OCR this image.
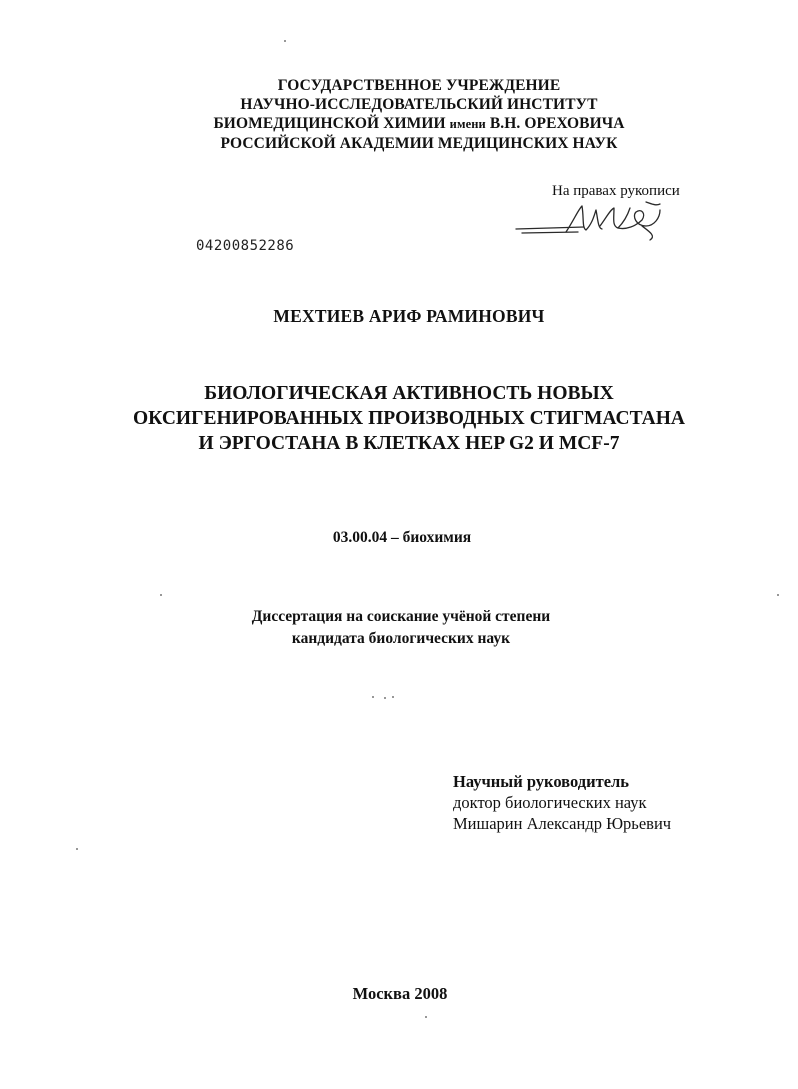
ГОСУДАРСТВЕННОЕ УЧРЕЖДЕНИЕ
НАУЧНО-ИССЛЕДОВАТЕЛЬСКИЙ ИНСТИТУТ
БИОМЕДИЦИНСКОЙ ХИМИИ имени В.Н. ОРЕХОВИЧА
РОССИЙСКОЙ АКАДЕМИИ МЕДИЦИНСКИХ НАУК
На правах рукописи
04200852286
МЕХТИЕВ АРИФ РАМИНОВИЧ
БИОЛОГИЧЕСКАЯ АКТИВНОСТЬ НОВЫХ
ОКСИГЕНИРОВАННЫХ ПРОИЗВОДНЫХ СТИГМАСТАНА
И ЭРГОСТАНА В КЛЕТКАХ HEP G2 И MCF-7
03.00.04 – биохимия
Диссертация на соискание учёной степени
кандидата биологических наук
Научный руководитель
доктор биологических наук
Мишарин Александр Юрьевич
Москва 2008
